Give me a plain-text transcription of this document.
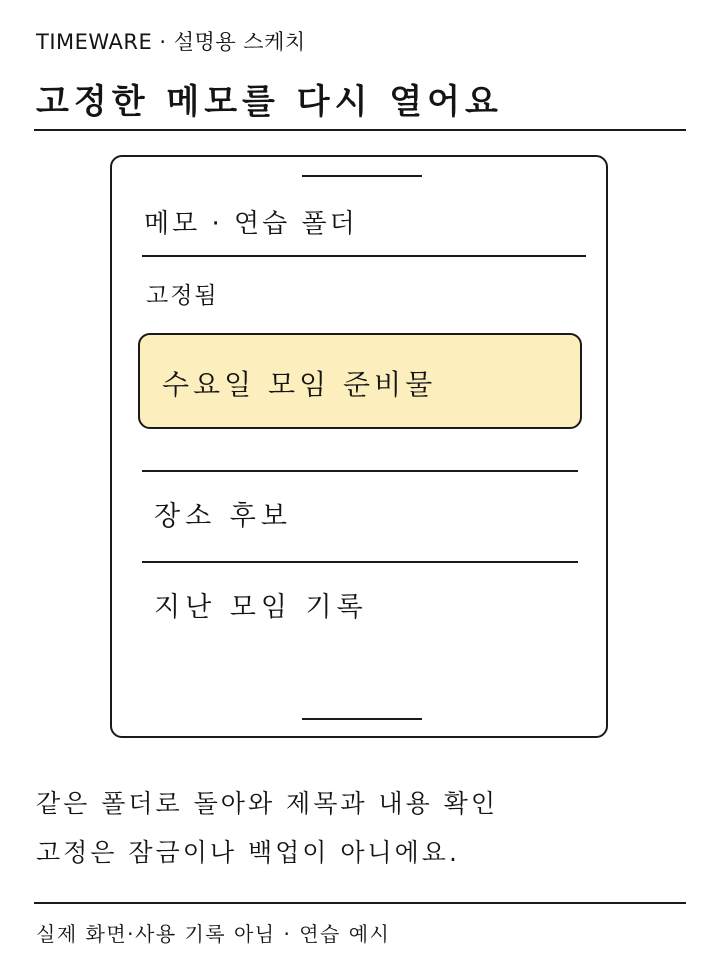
TIMEWARE · 설명용 스케치
고정한 메모를 다시 열어요
메모 · 연습 폴더
고정됨
수요일 모임 준비물
장소 후보
지난 모임 기록
같은 폴더로 돌아와 제목과 내용 확인
고정은 잠금이나 백업이 아니에요.
실제 화면·사용 기록 아님 · 연습 예시
